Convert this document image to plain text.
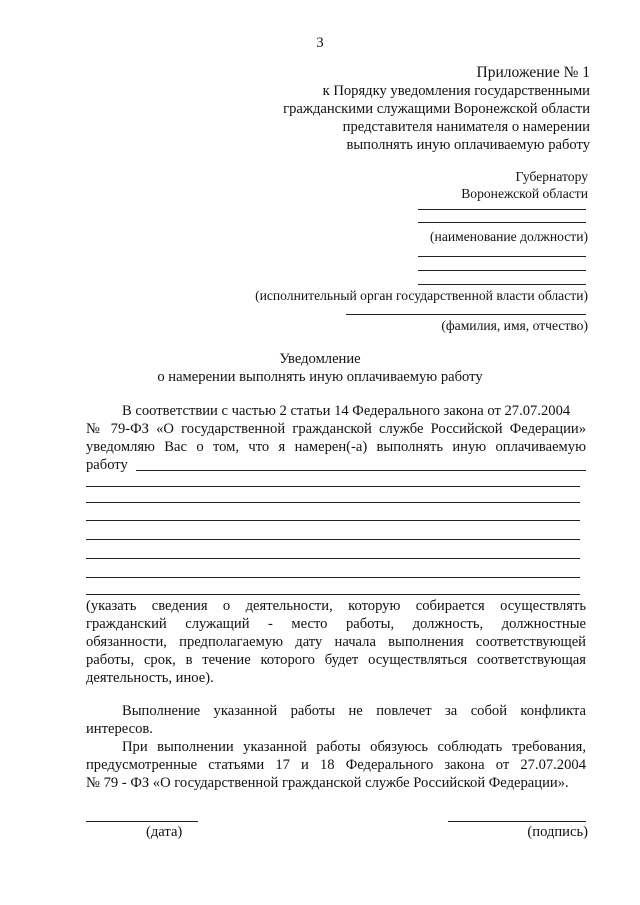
3
Приложение № 1
к Порядку уведомления государственными
гражданскими служащими Воронежской области
представителя нанимателя о намерении
выполнять иную оплачиваемую работу
Губернатору
Воронежской области
(наименование должности)
(исполнительный орган государственной власти области)
(фамилия, имя, отчество)
Уведомление
о намерении выполнять иную оплачиваемую работу
В соответствии с частью 2 статьи 14 Федерального закона от 27.07.2004
№ 79-ФЗ «О государственной гражданской службе Российской Федерации»
уведомляю Вас о том, что я намерен(-а) выполнять иную оплачиваемую
работу
(указать сведения о деятельности, которую собирается осуществлять
гражданский служащий - место работы, должность, должностные
обязанности, предполагаемую дату начала выполнения соответствующей
работы, срок, в течение которого будет осуществляться соответствующая
деятельность, иное).
Выполнение указанной работы не повлечет за собой конфликта
интересов.
При выполнении указанной работы обязуюсь соблюдать требования,
предусмотренные статьями 17 и 18 Федерального закона от 27.07.2004
№ 79 - ФЗ «О государственной гражданской службе Российской Федерации».
(дата)	(подпись)
